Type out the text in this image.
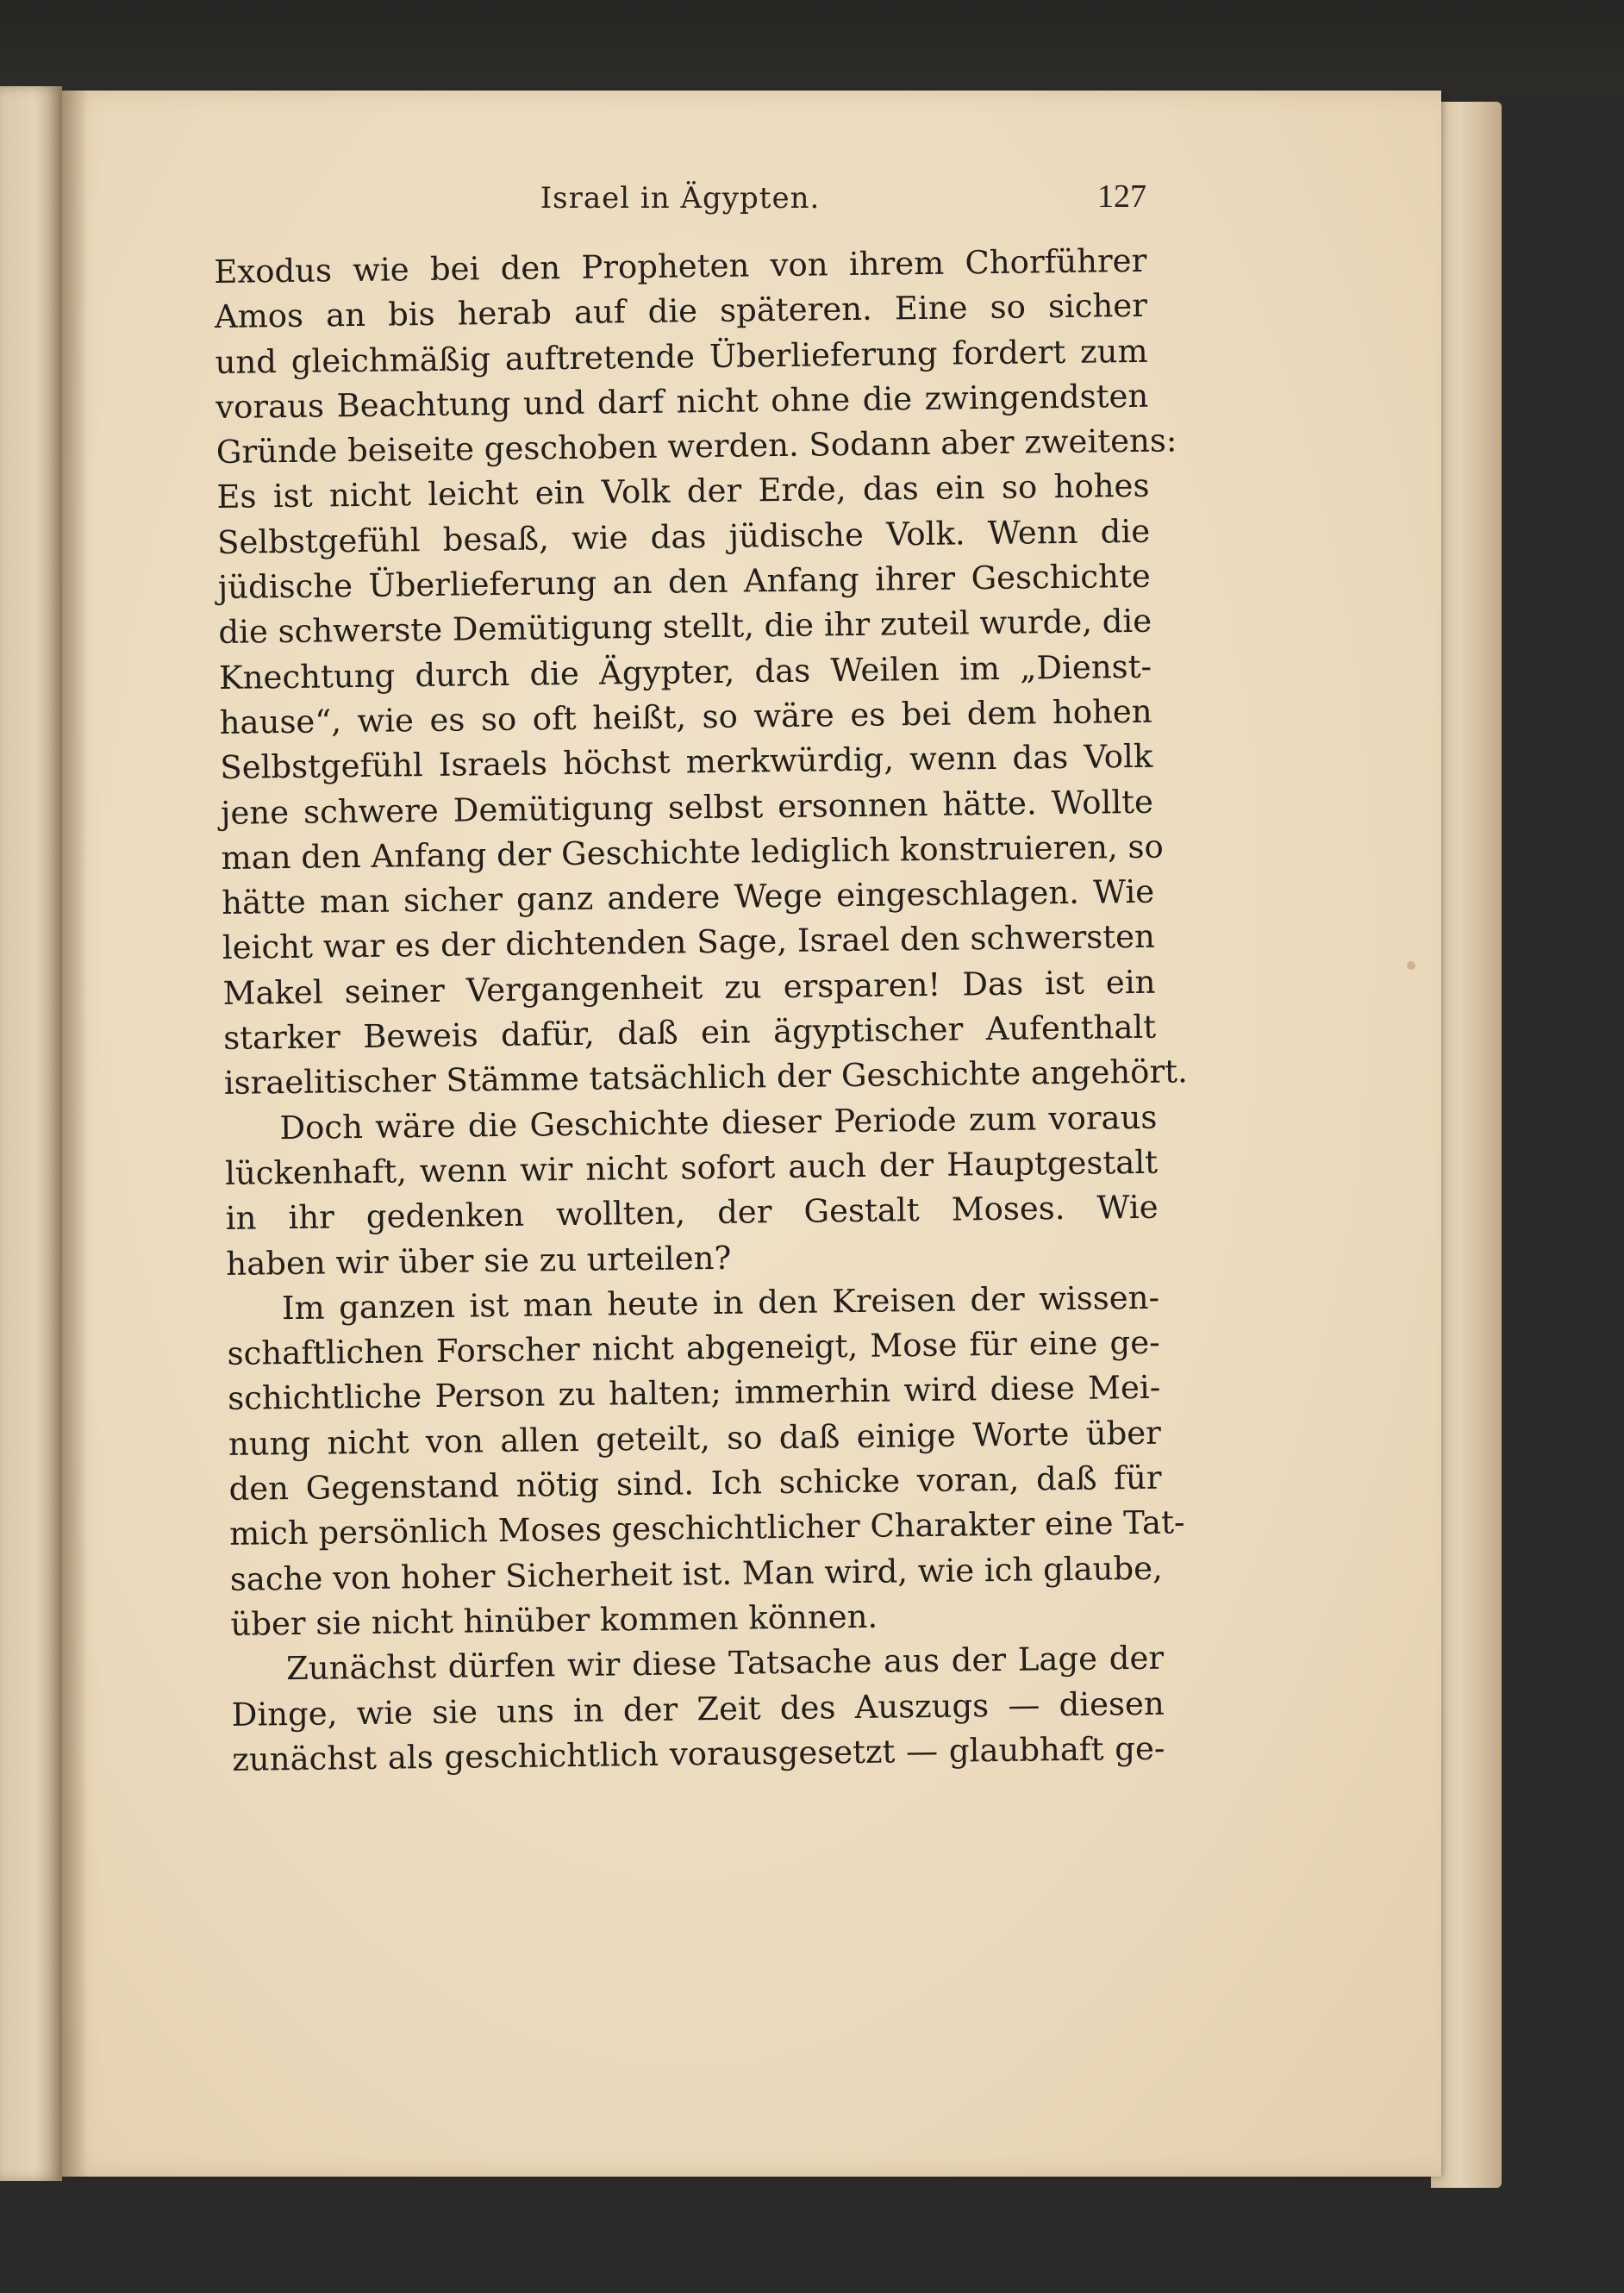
Israel in Ägypten.	127
Exodus wie bei den Propheten von ihrem Chorführer
Amos an bis herab auf die späteren. Eine so sicher
und gleichmäßig auftretende Überlieferung fordert zum
voraus Beachtung und darf nicht ohne die zwingendsten
Gründe beiseite geschoben werden. Sodann aber zweitens:
Es ist nicht leicht ein Volk der Erde, das ein so hohes
Selbstgefühl besaß, wie das jüdische Volk. Wenn die
jüdische Überlieferung an den Anfang ihrer Geschichte
die schwerste Demütigung stellt, die ihr zuteil wurde, die
Knechtung durch die Ägypter, das Weilen im „Dienst-
hause“, wie es so oft heißt, so wäre es bei dem hohen
Selbstgefühl Israels höchst merkwürdig, wenn das Volk
jene schwere Demütigung selbst ersonnen hätte. Wollte
man den Anfang der Geschichte lediglich konstruieren, so
hätte man sicher ganz andere Wege eingeschlagen. Wie
leicht war es der dichtenden Sage, Israel den schwersten
Makel seiner Vergangenheit zu ersparen! Das ist ein
starker Beweis dafür, daß ein ägyptischer Aufenthalt
israelitischer Stämme tatsächlich der Geschichte angehört.
Doch wäre die Geschichte dieser Periode zum voraus
lückenhaft, wenn wir nicht sofort auch der Hauptgestalt
in ihr gedenken wollten, der Gestalt Moses. Wie
haben wir über sie zu urteilen?
Im ganzen ist man heute in den Kreisen der wissen-
schaftlichen Forscher nicht abgeneigt, Mose für eine ge-
schichtliche Person zu halten; immerhin wird diese Mei-
nung nicht von allen geteilt, so daß einige Worte über
den Gegenstand nötig sind. Ich schicke voran, daß für
mich persönlich Moses geschichtlicher Charakter eine Tat-
sache von hoher Sicherheit ist. Man wird, wie ich glaube,
über sie nicht hinüber kommen können.
Zunächst dürfen wir diese Tatsache aus der Lage der
Dinge, wie sie uns in der Zeit des Auszugs — diesen
zunächst als geschichtlich vorausgesetzt — glaubhaft ge-
